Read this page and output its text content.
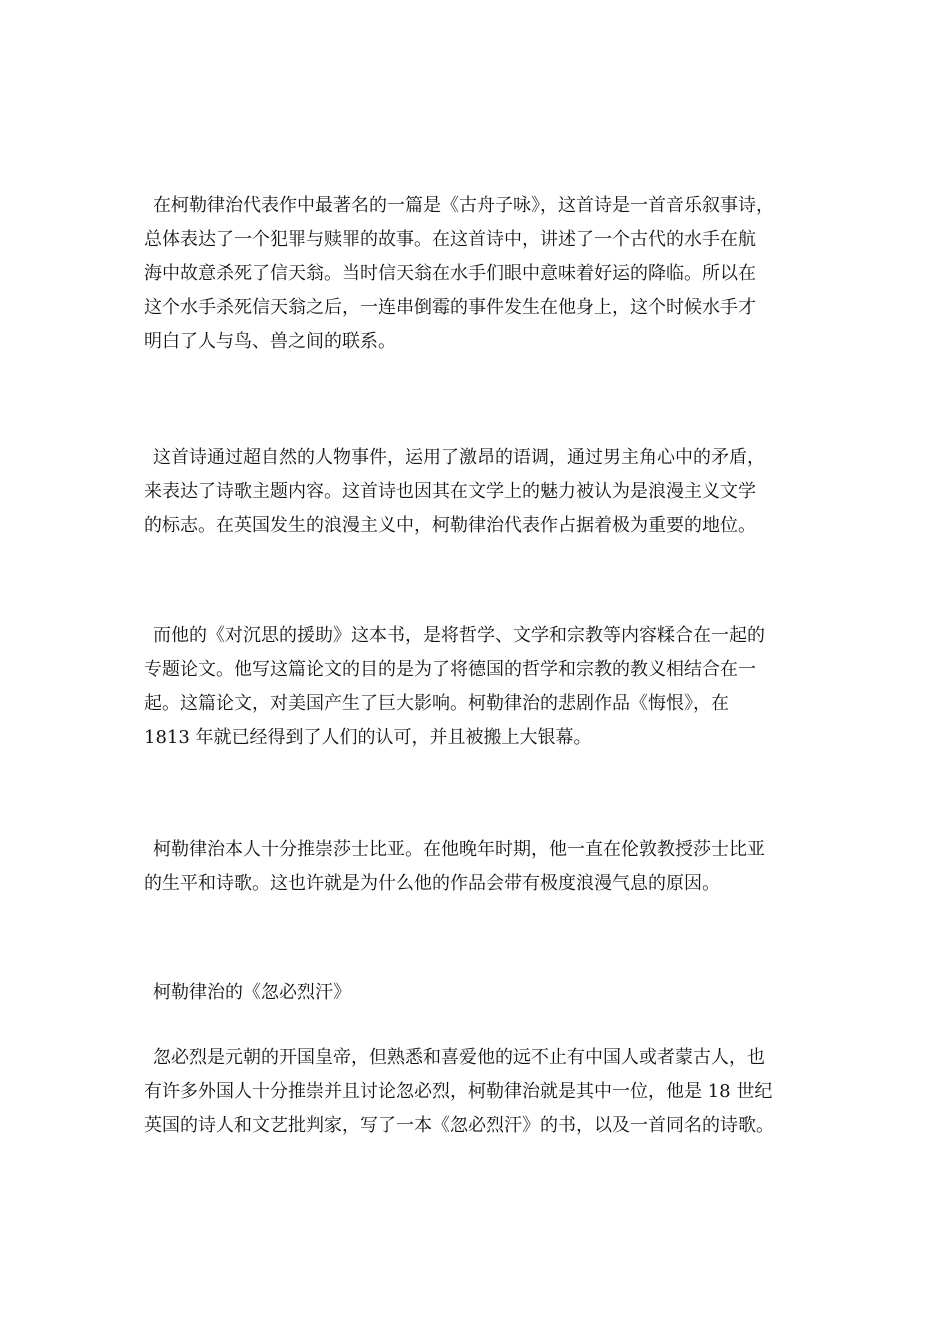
在柯勒律治代表作中最著名的一篇是《古舟子咏》，这首诗是一首音乐叙事诗，
总体表达了一个犯罪与赎罪的故事。在这首诗中，讲述了一个古代的水手在航
海中故意杀死了信天翁。当时信天翁在水手们眼中意味着好运的降临。所以在
这个水手杀死信天翁之后，一连串倒霉的事件发生在他身上，这个时候水手才
明白了人与鸟、兽之间的联系。
这首诗通过超自然的人物事件，运用了激昂的语调，通过男主角心中的矛盾，
来表达了诗歌主题内容。这首诗也因其在文学上的魅力被认为是浪漫主义文学
的标志。在英国发生的浪漫主义中，柯勒律治代表作占据着极为重要的地位。
而他的《对沉思的援助》这本书，是将哲学、文学和宗教等内容糅合在一起的
专题论文。他写这篇论文的目的是为了将德国的哲学和宗教的教义相结合在一
起。这篇论文，对美国产生了巨大影响。柯勒律治的悲剧作品《悔恨》，在
1813 年就已经得到了人们的认可，并且被搬上大银幕。
柯勒律治本人十分推崇莎士比亚。在他晚年时期，他一直在伦敦教授莎士比亚
的生平和诗歌。这也许就是为什么他的作品会带有极度浪漫气息的原因。
柯勒律治的《忽必烈汗》
忽必烈是元朝的开国皇帝，但熟悉和喜爱他的远不止有中国人或者蒙古人，也
有许多外国人十分推崇并且讨论忽必烈，柯勒律治就是其中一位，他是 18 世纪
英国的诗人和文艺批判家，写了一本《忽必烈汗》的书，以及一首同名的诗歌。
